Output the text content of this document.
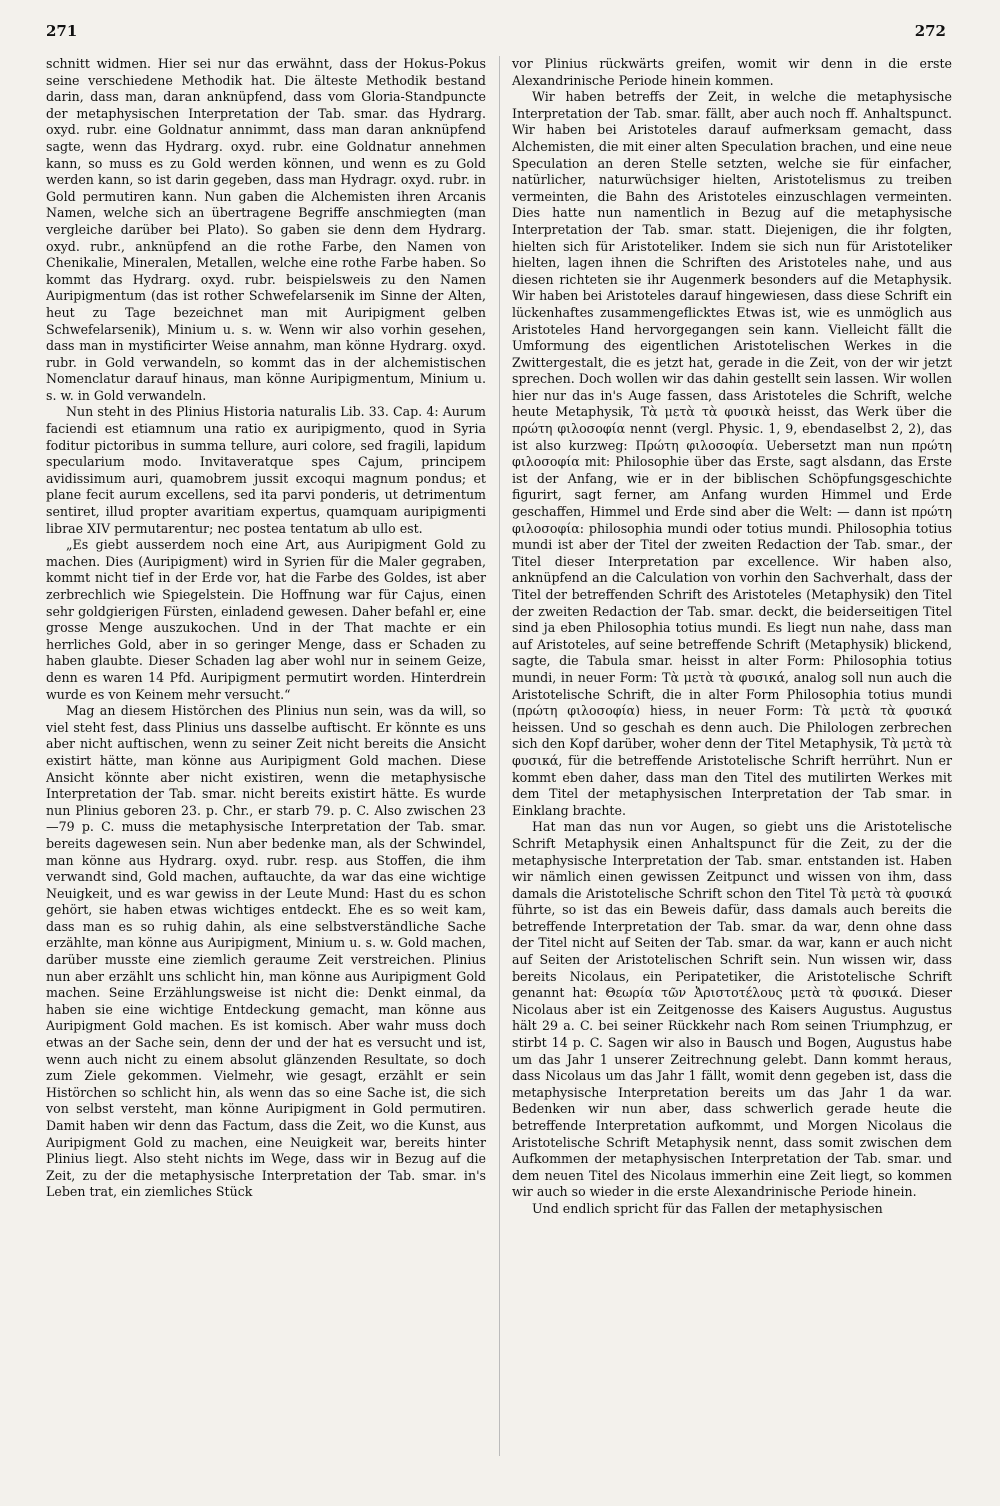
271	272

schnitt widmen. Hier sei nur das erwähnt, dass der Hokus-Pokus seine verschiedene Methodik hat. Die älteste Methodik bestand darin, dass man, daran anknüpfend, dass vom Gloria-Standpuncte der metaphysischen Interpretation der Tab. smar. das Hydrarg. oxyd. rubr. eine Goldnatur annimmt, dass man daran anknüpfend sagte, wenn das Hydrarg. oxyd. rubr. eine Goldnatur annehmen kann, so muss es zu Gold werden können, und wenn es zu Gold werden kann, so ist darin gegeben, dass man Hydragr. oxyd. rubr. in Gold permutiren kann. Nun gaben die Alchemisten ihren Arcanis Namen, welche sich an übertragene Begriffe anschmiegten (man vergleiche darüber bei Plato). So gaben sie denn dem Hydrarg. oxyd. rubr., anknüpfend an die rothe Farbe, den Namen von Chenikalie, Mineralen, Metallen, welche eine rothe Farbe haben. So kommt das Hydrarg. oxyd. rubr. beispielsweis zu den Namen Auripigmentum (das ist rother Schwefelarsenik im Sinne der Alten, heut zu Tage bezeichnet man mit Auripigment gelben Schwefelarsenik), Minium u. s. w. Wenn wir also vorhin gesehen, dass man in mystificirter Weise annahm, man könne Hydrarg. oxyd. rubr. in Gold verwandeln, so kommt das in der alchemistischen Nomenclatur darauf hinaus, man könne Auripigmentum, Minium u. s. w. in Gold verwandeln.

Nun steht in des Plinius Historia naturalis Lib. 33. Cap. 4: Aurum faciendi est etiamnum una ratio ex auripigmento, quod in Syria foditur pictoribus in summa tellure, auri colore, sed fragili, lapidum specularium modo. Invitaveratque spes Cajum, principem avidissimum auri, quamobrem jussit excoqui magnum pondus; et plane fecit aurum excellens, sed ita parvi ponderis, ut detrimentum sentiret, illud propter avaritiam expertus, quamquam auripigmenti librae XIV permutarentur; nec postea tentatum ab ullo est.

„Es giebt ausserdem noch eine Art, aus Auripigment Gold zu machen. Dies (Auripigment) wird in Syrien für die Maler gegraben, kommt nicht tief in der Erde vor, hat die Farbe des Goldes, ist aber zerbrechlich wie Spiegelstein. Die Hoffnung war für Cajus, einen sehr goldgierigen Fürsten, einladend gewesen. Daher befahl er, eine grosse Menge auszukochen. Und in der That machte er ein herrliches Gold, aber in so geringer Menge, dass er Schaden zu haben glaubte. Dieser Schaden lag aber wohl nur in seinem Geize, denn es waren 14 Pfd. Auripigment permutirt worden. Hinterdrein wurde es von Keinem mehr versucht.“

Mag an diesem Histörchen des Plinius nun sein, was da will, so viel steht fest, dass Plinius uns dasselbe auftischt. Er könnte es uns aber nicht auftischen, wenn zu seiner Zeit nicht bereits die Ansicht existirt hätte, man könne aus Auripigment Gold machen. Diese Ansicht könnte aber nicht existiren, wenn die metaphysische Interpretation der Tab. smar. nicht bereits existirt hätte. Es wurde nun Plinius geboren 23. p. Chr., er starb 79. p. C. Also zwischen 23—79 p. C. muss die metaphysische Interpretation der Tab. smar. bereits dagewesen sein. Nun aber bedenke man, als der Schwindel, man könne aus Hydrarg. oxyd. rubr. resp. aus Stoffen, die ihm verwandt sind, Gold machen, auftauchte, da war das eine wichtige Neuigkeit, und es war gewiss in der Leute Mund: Hast du es schon gehört, sie haben etwas wichtiges entdeckt. Ehe es so weit kam, dass man es so ruhig dahin, als eine selbstverständliche Sache erzählte, man könne aus Auripigment, Minium u. s. w. Gold machen, darüber musste eine ziemlich geraume Zeit verstreichen. Plinius nun aber erzählt uns schlicht hin, man könne aus Auripigment Gold machen. Seine Erzählungsweise ist nicht die: Denkt einmal, da haben sie eine wichtige Entdeckung gemacht, man könne aus Auripigment Gold machen. Es ist komisch. Aber wahr muss doch etwas an der Sache sein, denn der und der hat es versucht und ist, wenn auch nicht zu einem absolut glänzenden Resultate, so doch zum Ziele gekommen. Vielmehr, wie gesagt, erzählt er sein Histörchen so schlicht hin, als wenn das so eine Sache ist, die sich von selbst versteht, man könne Auripigment in Gold permutiren. Damit haben wir denn das Factum, dass die Zeit, wo die Kunst, aus Auripigment Gold zu machen, eine Neuigkeit war, bereits hinter Plinius liegt. Also steht nichts im Wege, dass wir in Bezug auf die Zeit, zu der die metaphysische Interpretation der Tab. smar. in's Leben trat, ein ziemliches Stück

vor Plinius rückwärts greifen, womit wir denn in die erste Alexandrinische Periode hinein kommen.

Wir haben betreffs der Zeit, in welche die metaphysische Interpretation der Tab. smar. fällt, aber auch noch ff. Anhaltspunct. Wir haben bei Aristoteles darauf aufmerksam gemacht, dass Alchemisten, die mit einer alten Speculation brachen, und eine neue Speculation an deren Stelle setzten, welche sie für einfacher, natürlicher, naturwüchsiger hielten, Aristotelismus zu treiben vermeinten, die Bahn des Aristoteles einzuschlagen vermeinten. Dies hatte nun namentlich in Bezug auf die metaphysische Interpretation der Tab. smar. statt. Diejenigen, die ihr folgten, hielten sich für Aristoteliker. Indem sie sich nun für Aristoteliker hielten, lagen ihnen die Schriften des Aristoteles nahe, und aus diesen richteten sie ihr Augenmerk besonders auf die Metaphysik. Wir haben bei Aristoteles darauf hingewiesen, dass diese Schrift ein lückenhaftes zusammengeflicktes Etwas ist, wie es unmöglich aus Aristoteles Hand hervorgegangen sein kann. Vielleicht fällt die Umformung des eigentlichen Aristotelischen Werkes in die Zwittergestalt, die es jetzt hat, gerade in die Zeit, von der wir jetzt sprechen. Doch wollen wir das dahin gestellt sein lassen. Wir wollen hier nur das in's Auge fassen, dass Aristoteles die Schrift, welche heute Metaphysik, Τὰ μετὰ τὰ φυσικὰ heisst, das Werk über die πρώτη φιλοσοφία nennt (vergl. Physic. 1, 9, ebendaselbst 2, 2), das ist also kurzweg: Πρώτη φιλοσοφία. Uebersetzt man nun πρώτη φιλοσοφία mit: Philosophie über das Erste, sagt alsdann, das Erste ist der Anfang, wie er in der biblischen Schöpfungsgeschichte figurirt, sagt ferner, am Anfang wurden Himmel und Erde geschaffen, Himmel und Erde sind aber die Welt: — dann ist πρώτη φιλοσοφία: philosophia mundi oder totius mundi. Philosophia totius mundi ist aber der Titel der zweiten Redaction der Tab. smar., der Titel dieser Interpretation par excellence. Wir haben also, anknüpfend an die Calculation von vorhin den Sachverhalt, dass der Titel der betreffenden Schrift des Aristoteles (Metaphysik) den Titel der zweiten Redaction der Tab. smar. deckt, die beiderseitigen Titel sind ja eben Philosophia totius mundi. Es liegt nun nahe, dass man auf Aristoteles, auf seine betreffende Schrift (Metaphysik) blickend, sagte, die Tabula smar. heisst in alter Form: Philosophia totius mundi, in neuer Form: Τὰ μετὰ τὰ φυσικά, analog soll nun auch die Aristotelische Schrift, die in alter Form Philosophia totius mundi (πρώτη φιλοσοφία) hiess, in neuer Form: Τὰ μετὰ τὰ φυσικά heissen. Und so geschah es denn auch. Die Philologen zerbrechen sich den Kopf darüber, woher denn der Titel Metaphysik, Τὰ μετὰ τὰ φυσικά, für die betreffende Aristotelische Schrift herrührt. Nun er kommt eben daher, dass man den Titel des mutilirten Werkes mit dem Titel der metaphysischen Interpretation der Tab smar. in Einklang brachte.

Hat man das nun vor Augen, so giebt uns die Aristotelische Schrift Metaphysik einen Anhaltspunct für die Zeit, zu der die metaphysische Interpretation der Tab. smar. entstanden ist. Haben wir nämlich einen gewissen Zeitpunct und wissen von ihm, dass damals die Aristotelische Schrift schon den Titel Τὰ μετὰ τὰ φυσικά führte, so ist das ein Beweis dafür, dass damals auch bereits die betreffende Interpretation der Tab. smar. da war, denn ohne dass der Titel nicht auf Seiten der Tab. smar. da war, kann er auch nicht auf Seiten der Aristotelischen Schrift sein. Nun wissen wir, dass bereits Nicolaus, ein Peripatetiker, die Aristotelische Schrift genannt hat: Θεωρία τῶν Ἀριστοτέλους μετὰ τὰ φυσικά. Dieser Nicolaus aber ist ein Zeitgenosse des Kaisers Augustus. Augustus hält 29 a. C. bei seiner Rückkehr nach Rom seinen Triumphzug, er stirbt 14 p. C. Sagen wir also in Bausch und Bogen, Augustus habe um das Jahr 1 unserer Zeitrechnung gelebt. Dann kommt heraus, dass Nicolaus um das Jahr 1 fällt, womit denn gegeben ist, dass die metaphysische Interpretation bereits um das Jahr 1 da war. Bedenken wir nun aber, dass schwerlich gerade heute die betreffende Interpretation aufkommt, und Morgen Nicolaus die Aristotelische Schrift Metaphysik nennt, dass somit zwischen dem Aufkommen der metaphysischen Interpretation der Tab. smar. und dem neuen Titel des Nicolaus immerhin eine Zeit liegt, so kommen wir auch so wieder in die erste Alexandrinische Periode hinein.

Und endlich spricht für das Fallen der metaphysischen
